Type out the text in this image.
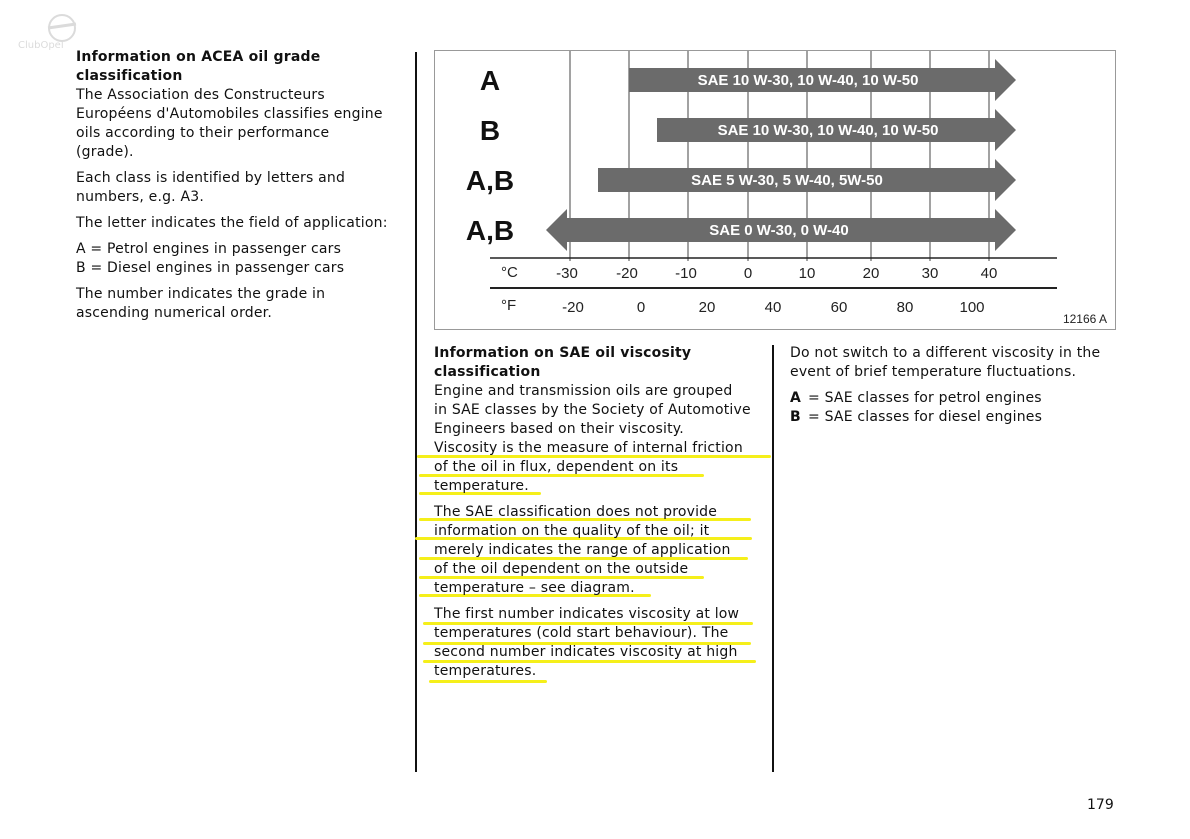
ClubOpel
Information on ACEA oil grade
classification
The Association des Constructeurs
Européens d'Automobiles classifies engine
oils according to their performance
(grade).
Each class is identified by letters and
numbers, e.g. A3.
The letter indicates the field of application:
A = Petrol engines in passenger cars
B = Diesel engines in passenger cars
The number indicates the grade in
ascending numerical order.
A
B
A,B
A,B
SAE 10 W-30, 10 W-40, 10 W-50
SAE 10 W-30, 10 W-40, 10 W-50
SAE 5 W-30, 5 W-40, 5W-50
SAE 0 W-30, 0 W-40
°C
°F
-30	-20 -10	0	10	20	30	40
-20	0	20	40	60	80	100
12166 A
Information on SAE oil viscosity
classification
Engine and transmission oils are grouped
in SAE classes by the Society of Automotive
Engineers based on their viscosity.
Viscosity is the measure of internal friction
of the oil in flux, dependent on its
temperature.
The SAE classification does not provide
information on the quality of the oil; it
merely indicates the range of application
of the oil dependent on the outside
temperature – see diagram.
The first number indicates viscosity at low
temperatures (cold start behaviour). The
second number indicates viscosity at high
temperatures.
Do not switch to a different viscosity in the
event of brief temperature fluctuations.
A = SAE classes for petrol engines
B = SAE classes for diesel engines
179
